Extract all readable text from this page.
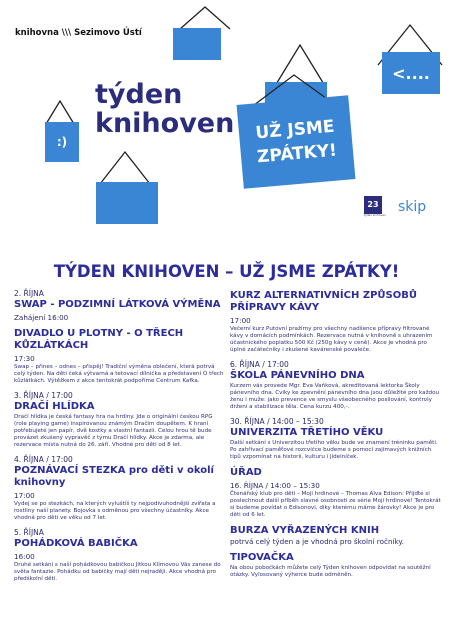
knihovna \\\ Sezimovo Ústí
<....
týden
knihoven
:)	UŽ JSME
ZPÁTKY!
23
týden knihoven skip
TÝDEN KNIHOVEN – UŽ JSME ZPÁTKY!
2. ŘÍJNA
SWAP - PODZIMNÍ LÁTKOVÁ VÝMĚNA
Zahájení 16:00
DIVADLO U PLOTNY - O TŘECH KŮZLÁTKÁCH
17:30
Swap – přines – odnes – přispěj! Tradiční výměna oblečení, která potrvá celý týden. Na děti čeká výtvarná a tetovací dílnička a představení O třech kůzlátkách. Výtěžkem z akce tentokrát podpoříme Centrum Kafka.
3. ŘÍJNA / 17:00
DRAČÍ HLÍDKA
Dračí hlídka je česká fantasy hra na hrdiny. Jde o originální českou RPG (role playing game) inspirovanou známým Dračím doupětem. K hraní potřebujeté jen papír, dvě kostky a vlastní fantazii. Celou hrou tě bude provázet zkušený vypravěč z týmu Dračí hlídky. Akce je zdarma, ale rezervace místa nutná do 26. září. Vhodné pro děti od 8 let.
4. ŘÍJNA / 17:00
POZNÁVACÍ STEZKA pro děti v okolí knihovny
17:00
Vydej se po stezkách, na kterých vyluštíš ty nejpodivuhodnější zvířata a rostliny naší planety. Bojovka s odměnou pro všechny účastníky. Akce vhodná pro děti ve věku od 7 let.
5. ŘÍJNA
POHÁDKOVÁ BABIČKA
16:00
Druhé setkání s naší pohádkovou babičkou Jitkou Klímovou Vás zanese do světa fantazie. Pohádku od babičky mají děti nejraději. Akce vhodná pro předškolní děti.
KURZ ALTERNATIVNÍCH ZPŮSOBŮ PŘÍPRAVY KÁVY
17:00
Večerní kurz Putovní pražírny pro všechny nadšence přípravy filtrované kávy v domácích podmínkách. Rezervace nutná v knihovně s uhrazením účastnického poplatku 500 Kč (250g kávy v ceně). Akce je vhodná pro úplné začátečníky i zkušené kavárenské povaleče.
6. ŘÍJNA / 17:00
ŠKOLA PÁNEVNÍHO DNA
Kurzem vás provede Mgr. Eva Vaňková, akreditovaná lektorka Školy pánevního dna. Cviky ke zpevnění pánevního dna jsou důležité pro každou ženu i muže: jako prevence ve smyslu všeobecného posilování, kontroly držení a stabilizace těla. Cena kurzu 400,-.
30. ŘÍJNA / 14:00 – 15:30
UNIVERZITA TŘETÍHO VĚKU
Další setkání s Univerzitou třetího věku bude ve znamení tréninku paměti. Po zahřívací paměťové rozcvičce budeme s pomocí zajímavých knižních tipů vzpomínat na historii, kulturu i jídelníček.
ÚŘAD
16. ŘÍJNA / 14:00 – 15:30
Čtenářský klub pro děti – Moji hrdinové – Thomas Alva Edison: Přijďte si poslechnout další příběh slavné osobnosti ze série Moji hrdinové! Tentokrát si budeme povídat o Edisonovi, díky kterému máme žárovky! Akce je pro děti od 6 let.
BURZA VYŘAZENÝCH KNIH
potrvá celý týden a je vhodná pro školní ročníky.
TIPOVAČKA
Na obou pobočkách můžete celý Týden knihoven odpovídat na soutěžní otázky. Vylosovaný výherce bude odměněn.
